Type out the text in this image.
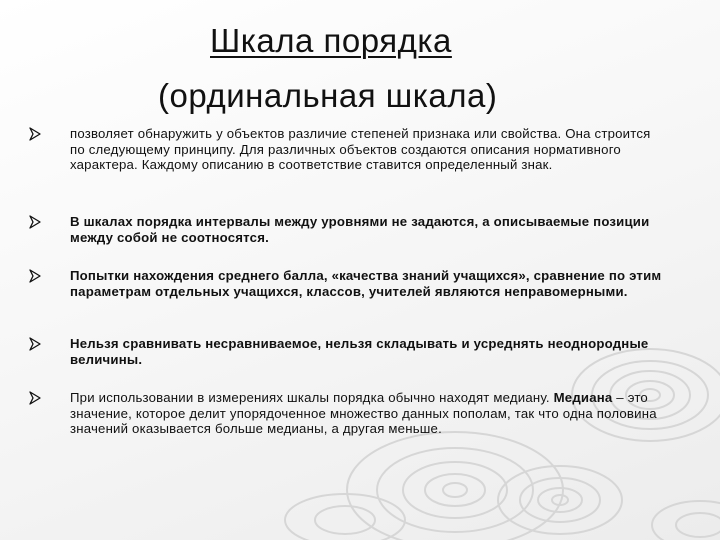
Шкала порядка
(ординальная шкала)
позволяет обнаружить у объектов различие степеней признака или свойства. Она строится по следующему принципу. Для различных объектов создаются описания нормативного характера. Каждому описанию в соответствие ставится определенный знак.
В шкалах порядка интервалы между уровнями не задаются, а описываемые позиции между собой не соотносятся.
Попытки нахождения среднего балла, «качества знаний учащихся», сравнение по этим параметрам отдельных учащихся, классов, учителей являются неправомерными.
Нельзя сравнивать несравниваемое, нельзя складывать и усреднять неоднородные величины.
При использовании в измерениях шкалы порядка обычно находят медиану. Медиана – это значение, которое делит упорядоченное множество данных пополам, так что одна половина значений оказывается больше медианы, а другая меньше.
